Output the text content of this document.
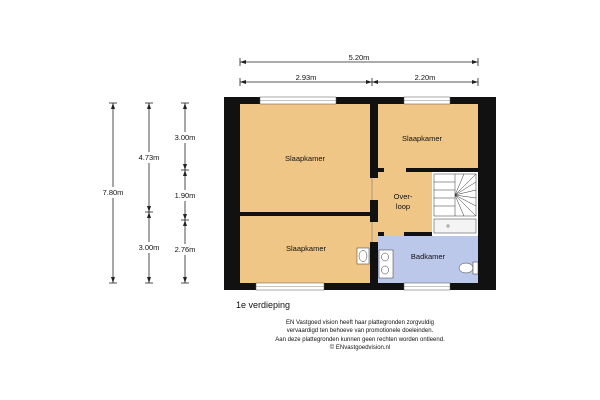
5.20m
2.93m	2.20m
7.80m
4.73m
3.00m
3.00m
1.90m
2.76m
Slaapkamer
Slaapkamer
Slaapkamer
Over-
loop
Badkamer
1e verdieping
EN Vastgoed vision heeft haar plattegronden zorgvuldig
vervaardigd ten behoeve van promotionele doeleinden.
Aan deze plattegronden kunnen geen rechten worden ontleend.
© ENvastgoedvision.nl
